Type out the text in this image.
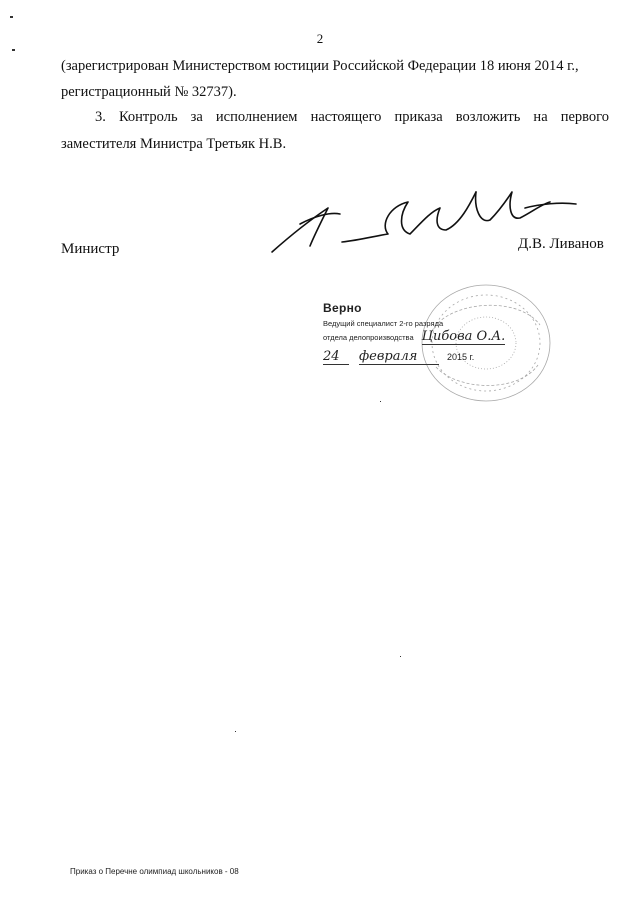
2
(зарегистрирован Министерством юстиции Российской Федерации 18 июня 2014 г.,
регистрационный № 32737).
3. Контроль за исполнением настоящего приказа возложить на первого
заместителя Министра Третьяк Н.В.
Министр	Д.В. Ливанов
Верно
Ведущий специалист 2-го разряда
отдела делопроизводства Цибова О.А.
24	февраля	2015 г.
Приказ о Перечне олимпиад школьников - 08
